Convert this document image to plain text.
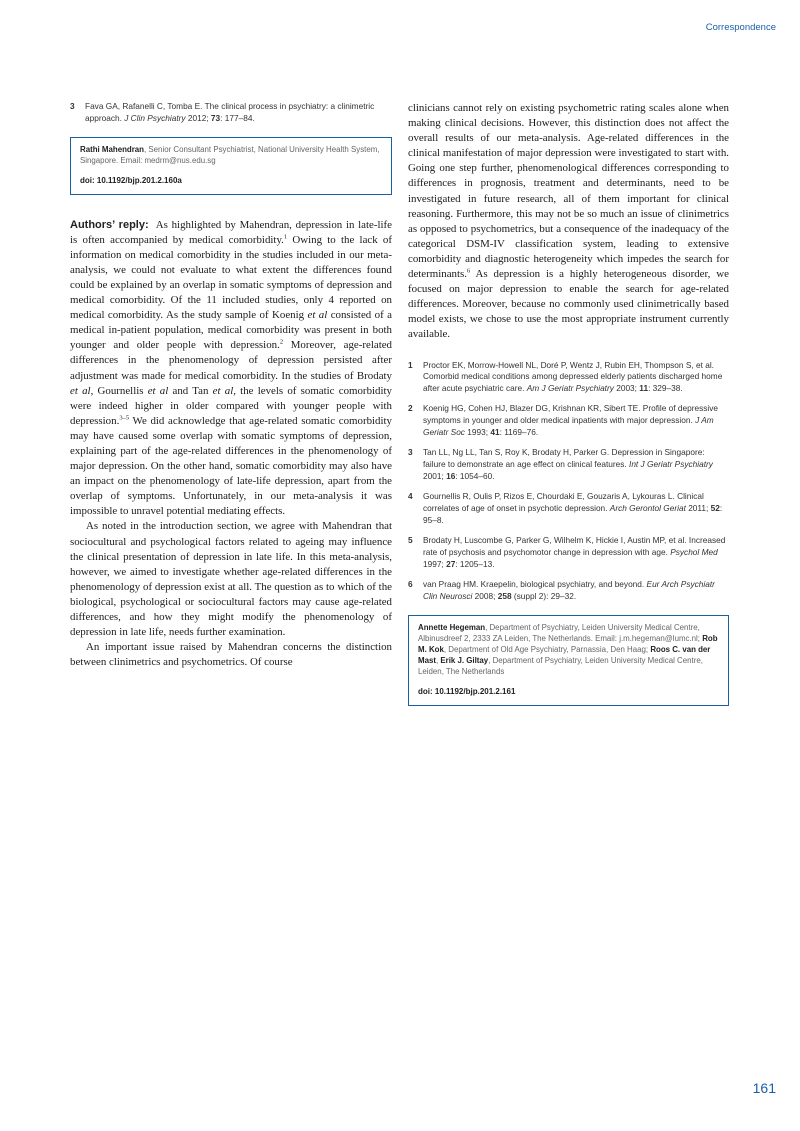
Correspondence
3	Fava GA, Rafanelli C, Tomba E. The clinical process in psychiatry: a clinimetric approach. J Clin Psychiatry 2012; 73: 177–84.
Rathi Mahendran, Senior Consultant Psychiatrist, National University Health System, Singapore. Email: medrm@nus.edu.sg
doi: 10.1192/bjp.201.2.160a

Authors’ reply: As highlighted by Mahendran, depression in late-life is often accompanied by medical comorbidity.$^1$ Owing to the lack of information on medical comorbidity in the studies included in our meta-analysis, we could not evaluate to what extent the differences found could be explained by an overlap in somatic symptoms of depression and medical comorbidity. Of the 11 included studies, only 4 reported on medical comorbidity. As the study sample of Koenig et al consisted of a medical in-patient population, medical comorbidity was present in both younger and older people with depression.$^2$ Moreover, age-related differences in the phenomenology of depression persisted after adjustment was made for medical comorbidity. In the studies of Brodaty et al, Gournellis et al and Tan et al, the levels of somatic comorbidity were indeed higher in older compared with younger people with depression.$^{3-5}$ We did acknowledge that age-related somatic comorbidity may have caused some overlap with somatic symptoms of depression, explaining part of the age-related differences in the phenomenology of major depression. On the other hand, somatic comorbidity may also have an impact on the phenomenology of late-life depression, apart from the overlap of symptoms. Unfortunately, in our meta-analysis it was impossible to unravel potential mediating effects.

As noted in the introduction section, we agree with Mahendran that sociocultural and psychological factors related to ageing may influence the clinical presentation of depression in late life. In this meta-analysis, however, we aimed to investigate whether age-related differences in the phenomenology of depression exist at all. The question as to which of the biological, psychological or sociocultural factors may cause age-related differences, and how they might modify the phenomenology of depression in late life, needs further examination.

An important issue raised by Mahendran concerns the distinction between clinimetrics and psychometrics. Of course

clinicians cannot rely on existing psychometric rating scales alone when making clinical decisions. However, this distinction does not affect the overall results of our meta-analysis. Age-related differences in the clinical manifestation of major depression were investigated to start with. Going one step further, phenomenological differences corresponding to differences in prognosis, treatment and determinants, need to be investigated in future research, all of them important for clinical reasoning. Furthermore, this may not be so much an issue of clinimetrics as opposed to psychometrics, but a consequence of the inadequacy of the categorical DSM-IV classification system, leading to extensive comorbidity and diagnostic heterogeneity which impedes the search for determinants.$^6$ As depression is a highly heterogeneous disorder, we focused on major depression to enable the search for age-related differences. Moreover, because no commonly used clinimetrically based model exists, we chose to use the most appropriate instrument currently available.

1	Proctor EK, Morrow-Howell NL, Doré P, Wentz J, Rubin EH, Thompson S, et al. Comorbid medical conditions among depressed elderly patients discharged home after acute psychiatric care. Am J Geriatr Psychiatry 2003; 11: 329–38.
2	Koenig HG, Cohen HJ, Blazer DG, Krishnan KR, Sibert TE. Profile of depressive symptoms in younger and older medical inpatients with major depression. J Am Geriatr Soc 1993; 41: 1169–76.
3	Tan LL, Ng LL, Tan S, Roy K, Brodaty H, Parker G. Depression in Singapore: failure to demonstrate an age effect on clinical features. Int J Geriatr Psychiatry 2001; 16: 1054–60.
4	Gournellis R, Oulis P, Rizos E, Chourdaki E, Gouzaris A, Lykouras L. Clinical correlates of age of onset in psychotic depression. Arch Gerontol Geriat 2011; 52: 95–8.
5	Brodaty H, Luscombe G, Parker G, Wilhelm K, Hickie I, Austin MP, et al. Increased rate of psychosis and psychomotor change in depression with age. Psychol Med 1997; 27: 1205–13.
6	van Praag HM. Kraepelin, biological psychiatry, and beyond. Eur Arch Psychiatr Clin Neurosci 2008; 258 (suppl 2): 29–32.
Annette Hegeman, Department of Psychiatry, Leiden University Medical Centre, Albinusdreef 2, 2333 ZA Leiden, The Netherlands. Email: j.m.hegeman@lumc.nl; Rob M. Kok, Department of Old Age Psychiatry, Parnassia, Den Haag; Roos C. van der Mast, Erik J. Giltay, Department of Psychiatry, Leiden University Medical Centre, Leiden, The Netherlands
doi: 10.1192/bjp.201.2.161
161
